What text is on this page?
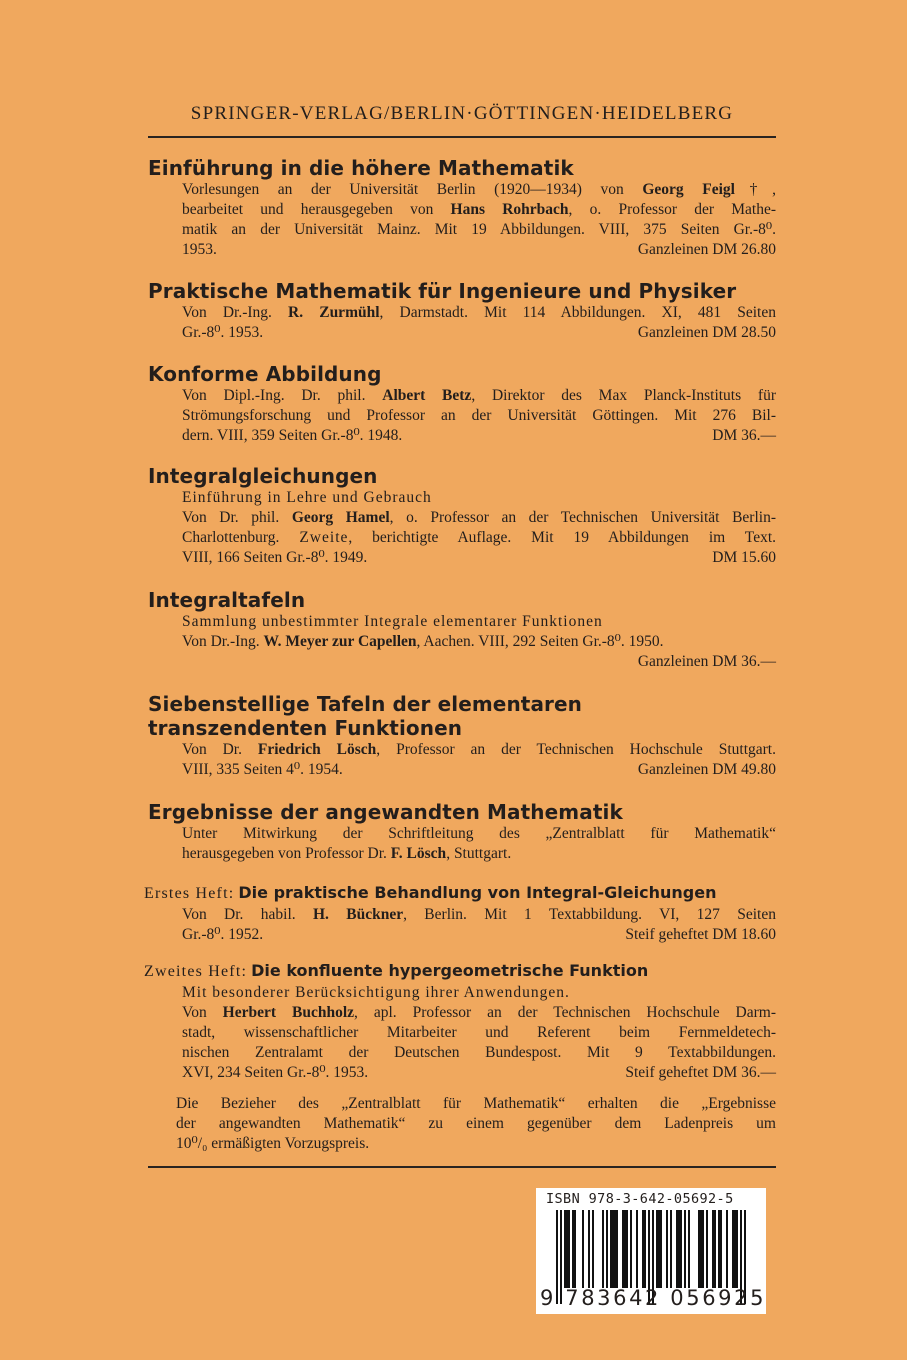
SPRINGER-VERLAG/BERLIN·GÖTTINGEN·HEIDELBERG
Einführung in die höhere Mathematik
Vorlesungen an der Universität Berlin (1920—1934) von Georg Feigl†,
bearbeitet und herausgegeben von Hans Rohrbach, o. Professor der Mathe-
matik an der Universität Mainz. Mit 19 Abbildungen. VIII, 375 Seiten Gr.-8⁰.
1953.	Ganzleinen DM 26.80
Praktische Mathematik für Ingenieure und Physiker
Von Dr.-Ing. R. Zurmühl, Darmstadt. Mit 114 Abbildungen. XI, 481 Seiten
Gr.-8⁰. 1953.	Ganzleinen DM 28.50
Konforme Abbildung
Von Dipl.-Ing. Dr. phil. Albert Betz, Direktor des Max Planck-Instituts für
Strömungsforschung und Professor an der Universität Göttingen. Mit 276 Bil-
dern. VIII, 359 Seiten Gr.-8⁰. 1948.	DM 36.—
Integralgleichungen
Einführung in Lehre und Gebrauch
Von Dr. phil. Georg Hamel, o. Professor an der Technischen Universität Berlin-
Charlottenburg. Zweite, berichtigte Auflage. Mit 19 Abbildungen im Text.
VIII, 166 Seiten Gr.-8⁰. 1949.	DM 15.60
Integraltafeln
Sammlung unbestimmter Integrale elementarer Funktionen
Von Dr.-Ing. W. Meyer zur Capellen, Aachen. VIII, 292 Seiten Gr.-8⁰. 1950.
Ganzleinen DM 36.—
Siebenstellige Tafeln der elementaren
transzendenten Funktionen
Von Dr. Friedrich Lösch, Professor an der Technischen Hochschule Stuttgart.
VIII, 335 Seiten 4⁰. 1954.	Ganzleinen DM 49.80
Ergebnisse der angewandten Mathematik
Unter Mitwirkung der Schriftleitung des „Zentralblatt für Mathematik“
herausgegeben von Professor Dr. F. Lösch, Stuttgart.
Erstes Heft: Die praktische Behandlung von Integral-Gleichungen
Von Dr. habil. H. Bückner, Berlin. Mit 1 Textabbildung. VI, 127 Seiten
Gr.-8⁰. 1952.	Steif geheftet DM 18.60
Zweites Heft: Die konfluente hypergeometrische Funktion
Mit besonderer Berücksichtigung ihrer Anwendungen.
Von Herbert Buchholz, apl. Professor an der Technischen Hochschule Darm-
stadt, wissenschaftlicher Mitarbeiter und Referent beim Fernmeldetech-
nischen Zentralamt der Deutschen Bundespost. Mit 9 Textabbildungen.
XVI, 234 Seiten Gr.-8⁰. 1953.	Steif geheftet DM 36.—
Die Bezieher des „Zentralblatt für Mathematik“ erhalten die „Ergebnisse
der angewandten Mathematik“ zu einem gegenüber dem Ladenpreis um
10⁰/₀ ermäßigten Vorzugspreis.
ISBN 978-3-642-05692-5
9 783642 056925
